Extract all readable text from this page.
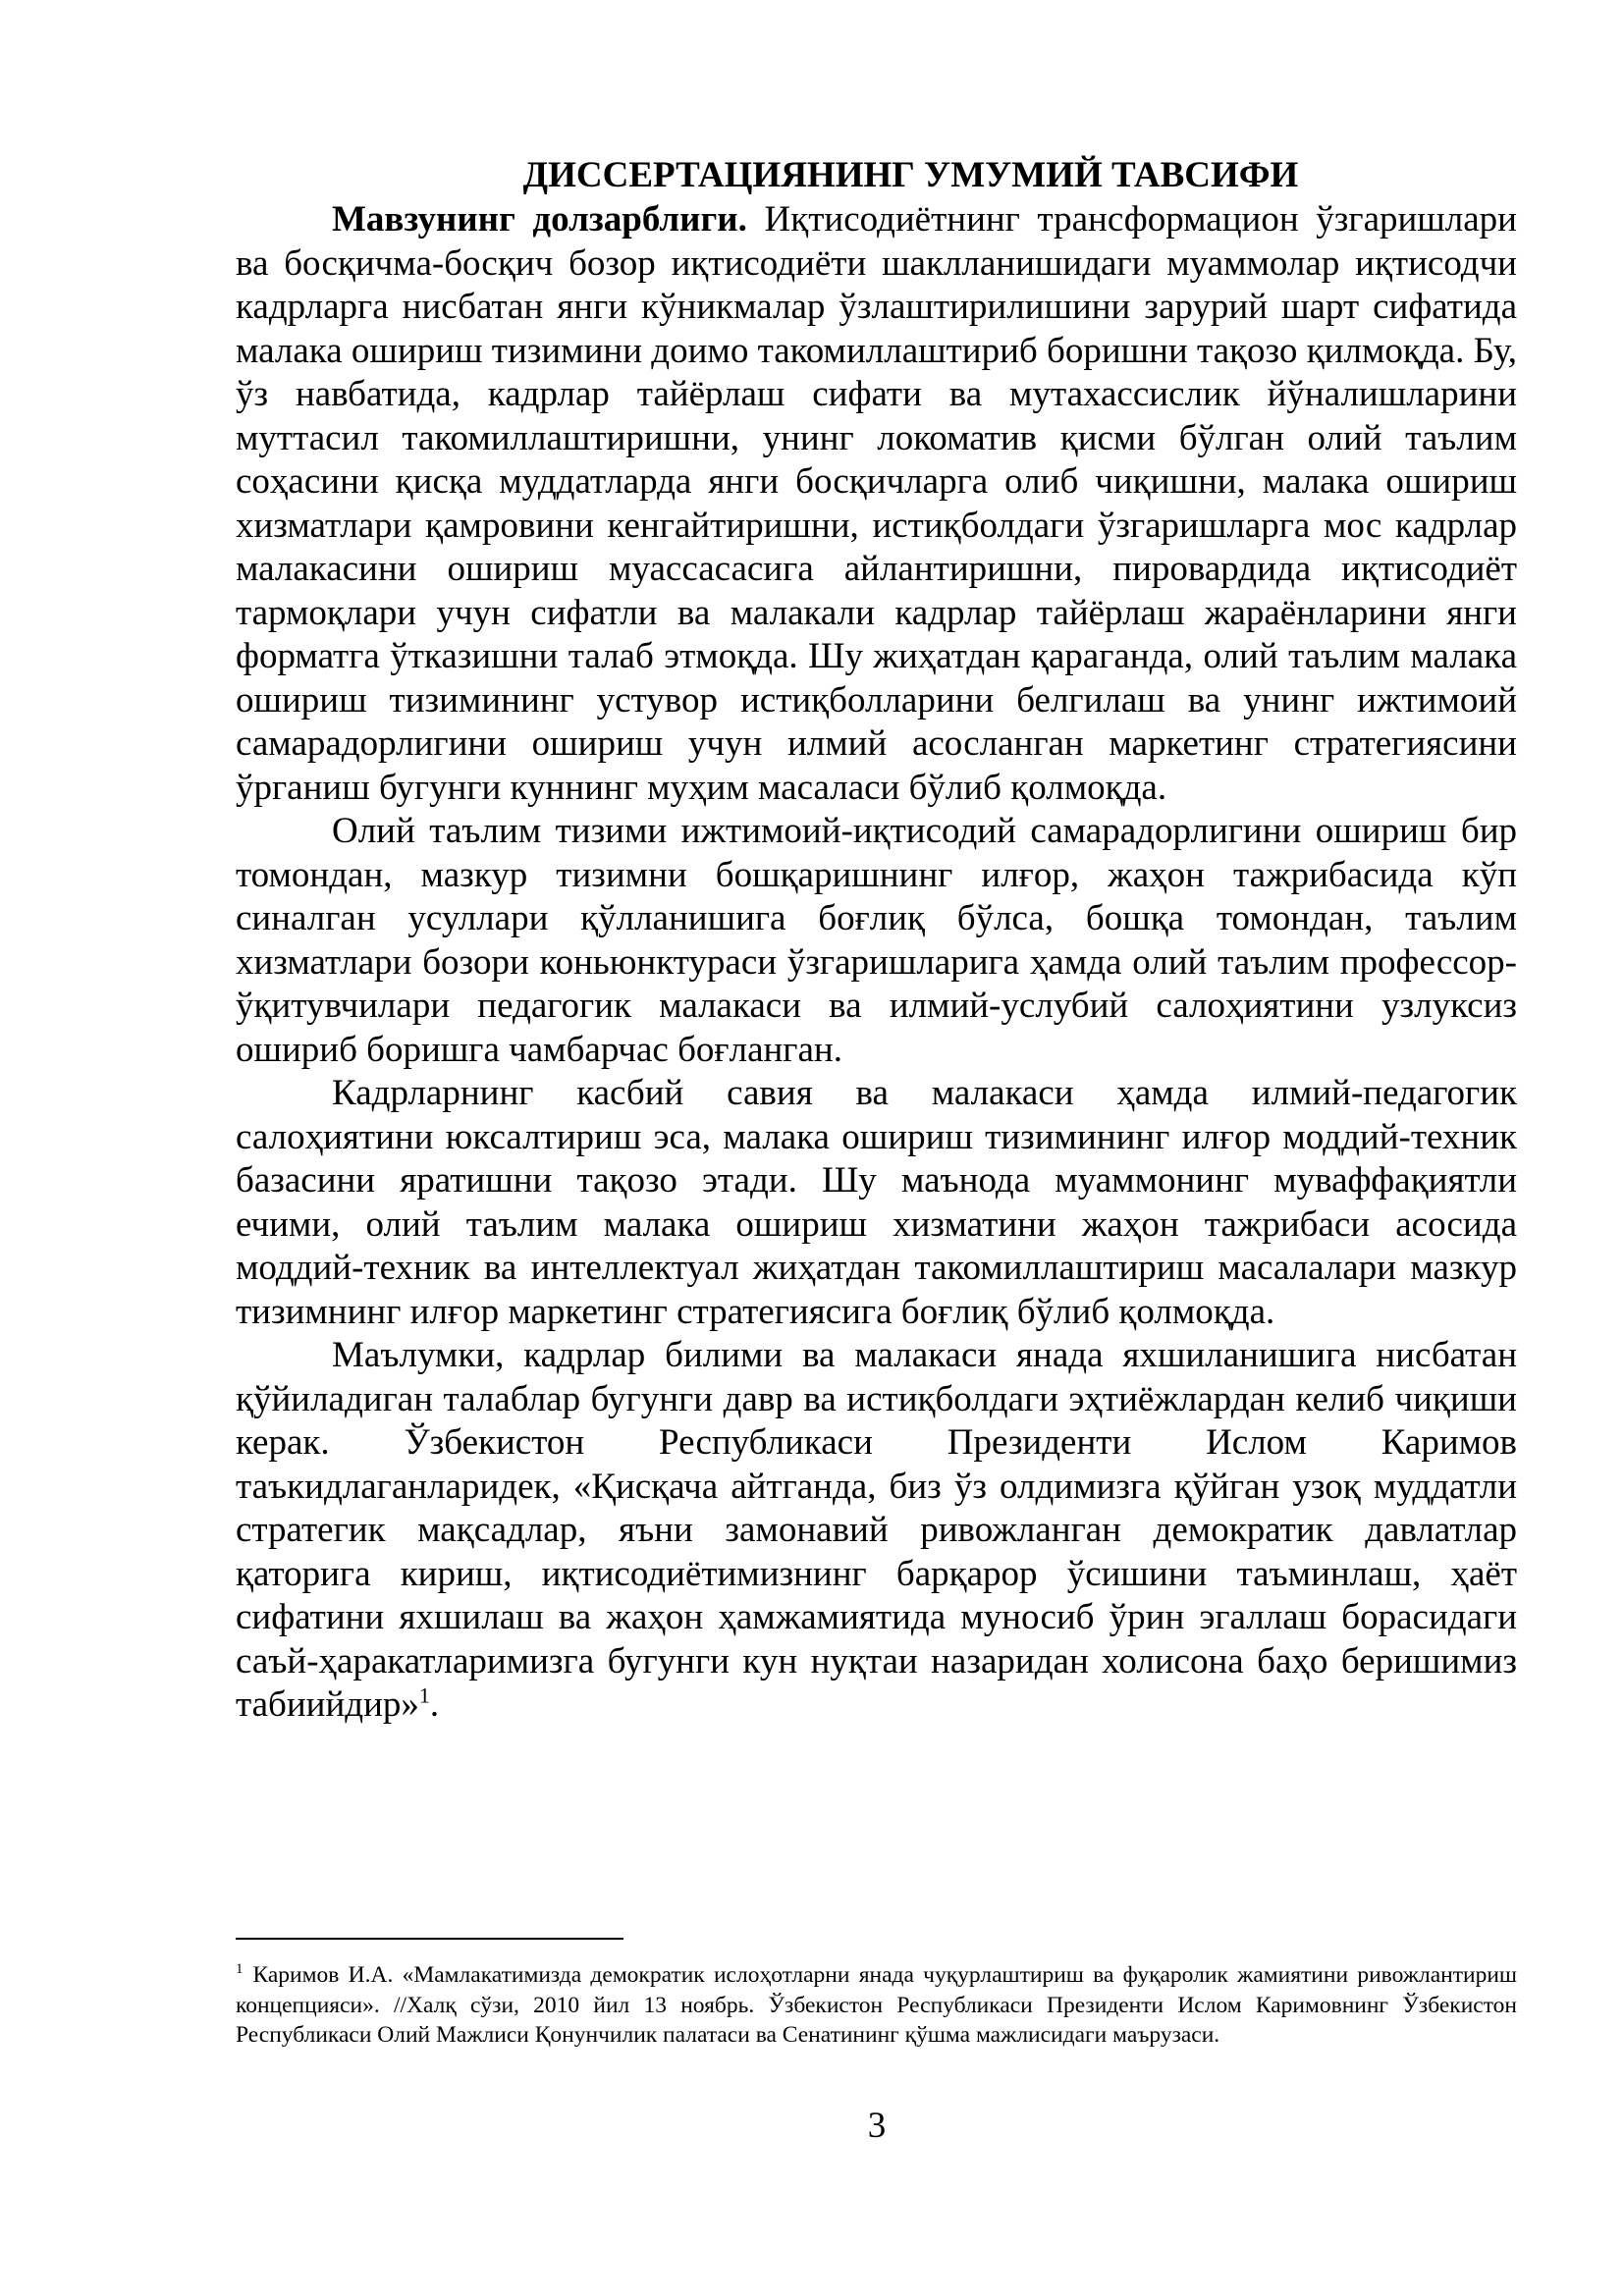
ДИССЕРТАЦИЯНИНГ УМУМИЙ ТАВСИФИ

Мавзунинг долзарблиги. Иқтисодиётнинг трансформацион ўзгаришлари ва босқичма-босқич бозор иқтисодиёти шаклланишидаги муаммолар иқтисодчи кадрларга нисбатан янги кўникмалар ўзлаштирилишини зарурий шарт сифатида малака ошириш тизимини доимо такомиллаштириб боришни тақозо қилмоқда. Бу, ўз навбатида, кадрлар тайёрлаш сифати ва мутахассислик йўналишларини муттасил такомиллаштиришни, унинг локоматив қисми бўлган олий таълим соҳасини қисқа муддатларда янги босқичларга олиб чиқишни, малака ошириш хизматлари қамровини кенгайтиришни, истиқболдаги ўзгаришларга мос кадрлар малакасини ошириш муассасасига айлантиришни, пировардида иқтисодиёт тармоқлари учун сифатли ва малакали кадрлар тайёрлаш жараёнларини янги форматга ўтказишни талаб этмоқда. Шу жиҳатдан қараганда, олий таълим малака ошириш тизимининг устувор истиқболларини белгилаш ва унинг ижтимоий самарадорлигини ошириш учун илмий асосланган маркетинг стратегиясини ўрганиш бугунги куннинг муҳим масаласи бўлиб қолмоқда.

Олий таълим тизими ижтимоий-иқтисодий самарадорлигини ошириш бир томондан, мазкур тизимни бошқаришнинг илғор, жаҳон тажрибасида кўп синалган усуллари қўлланишига боғлиқ бўлса, бошқа томондан, таълим хизматлари бозори коньюнктураси ўзгаришларига ҳамда олий таълим профессор-ўқитувчилари педагогик малакаси ва илмий-услубий салоҳиятини узлуксиз ошириб боришга чамбарчас боғланган.

Кадрларнинг касбий савия ва малакаси ҳамда илмий-педагогик салоҳиятини юксалтириш эса, малака ошириш тизимининг илғор моддий-техник базасини яратишни тақозо этади. Шу маънода муаммонинг муваффақиятли ечими, олий таълим малака ошириш хизматини жаҳон тажрибаси асосида моддий-техник ва интеллектуал жиҳатдан такомиллаштириш масалалари мазкур тизимнинг илғор маркетинг стратегиясига боғлиқ бўлиб қолмоқда.

Маълумки, кадрлар билими ва малакаси янада яхшиланишига нисбатан қўйиладиган талаблар бугунги давр ва истиқболдаги эҳтиёжлардан келиб чиқиши керак. Ўзбекистон Республикаси Президенти Ислом Каримов таъкидлаганларидек, «Қисқача айтганда, биз ўз олдимизга қўйган узоқ муддатли стратегик мақсадлар, яъни замонавий ривожланган демократик давлатлар қаторига кириш, иқтисодиётимизнинг барқарор ўсишини таъминлаш, ҳаёт сифатини яхшилаш ва жаҳон ҳамжамиятида муносиб ўрин эгаллаш борасидаги саъй-ҳаракатларимизга бугунги кун нуқтаи назаридан холисона баҳо беришимиз табиийдир»$^1$.

$^1$ Каримов И.А. «Мамлакатимизда демократик ислоҳотларни янада чуқурлаштириш ва фуқаролик жамиятини ривожлантириш концепцияси». //Халқ сўзи, 2010 йил 13 ноябрь. Ўзбекистон Республикаси Президенти Ислом Каримовнинг Ўзбекистон Республикаси Олий Мажлиси Қонунчилик палатаси ва Сенатининг қўшма мажлисидаги маърузаси.

3
